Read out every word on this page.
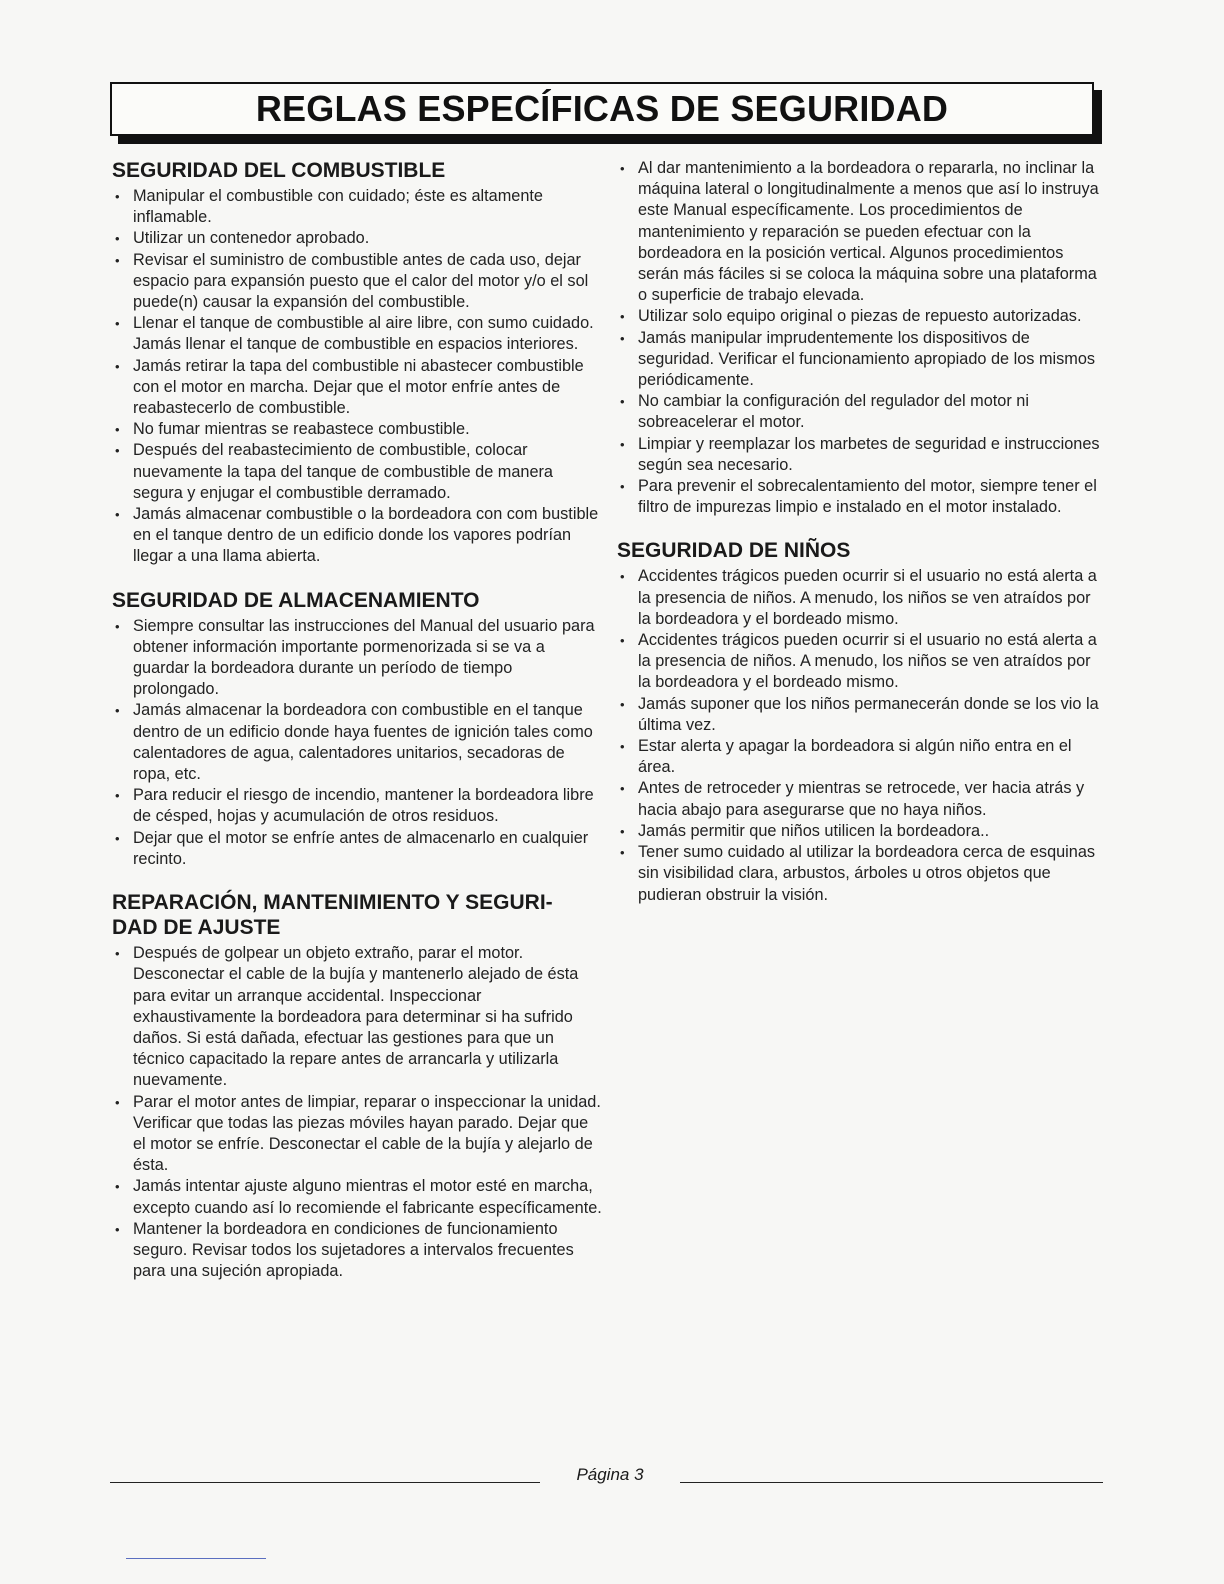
REGLAS ESPECÍFICAS DE SEGURIDAD
SEGURIDAD DEL COMBUSTIBLE
• Manipular el combustible con cuidado; éste es altamente inflamable.
• Utilizar un contenedor aprobado.
• Revisar el suministro de combustible antes de cada uso, dejar espacio para expansión puesto que el calor del motor y/o el sol puede(n) causar la expansión del combustible.
• Llenar el tanque de combustible al aire libre, con sumo cuidado. Jamás llenar el tanque de combustible en espacios interiores.
• Jamás retirar la tapa del combustible ni abastecer combustible con el motor en marcha. Dejar que el motor enfríe antes de reabastecerlo de combustible.
• No fumar mientras se reabastece combustible.
• Después del reabastecimiento de combustible, colocar nuevamente la tapa del tanque de combustible de manera segura y enjugar el combustible derramado.
• Jamás almacenar combustible o la bordeadora con com bustible en el tanque dentro de un edificio donde los vapores podrían llegar a una llama abierta.
SEGURIDAD DE ALMACENAMIENTO
• Siempre consultar las instrucciones del Manual del usuario para obtener información importante pormenorizada si se va a guardar la bordeadora durante un período de tiempo prolongado.
• Jamás almacenar la bordeadora con combustible en el tanque dentro de un edificio donde haya fuentes de ignición tales como calentadores de agua, calentadores unitarios, secadoras de ropa, etc.
• Para reducir el riesgo de incendio, mantener la bordeadora libre de césped, hojas y acumulación de otros residuos.
• Dejar que el motor se enfríe antes de almacenarlo en cualquier recinto.
REPARACIÓN, MANTENIMIENTO Y SEGURI- DAD DE AJUSTE
• Después de golpear un objeto extraño, parar el motor. Desconectar el cable de la bujía y mantenerlo alejado de ésta para evitar un arranque accidental. Inspeccionar exhaustivamente la bordeadora para determinar si ha sufrido daños. Si está dañada, efectuar las gestiones para que un técnico capacitado la repare antes de arrancarla y utilizarla nuevamente.
• Parar el motor antes de limpiar, reparar o inspeccionar la unidad. Verificar que todas las piezas móviles hayan parado. Dejar que el motor se enfríe. Desconectar el cable de la bujía y alejarlo de ésta.
• Jamás intentar ajuste alguno mientras el motor esté en marcha, excepto cuando así lo recomiende el fabricante específicamente.
• Mantener la bordeadora en condiciones de funcionamiento seguro. Revisar todos los sujetadores a intervalos frecuentes para una sujeción apropiada.
• Al dar mantenimiento a la bordeadora o repararla, no inclinar la máquina lateral o longitudinalmente a menos que así lo instruya este Manual específicamente. Los procedimientos de mantenimiento y reparación se pueden efectuar con la bordeadora en la posición vertical. Algunos procedimientos serán más fáciles si se coloca la máquina sobre una plataforma o superficie de trabajo elevada.
• Utilizar solo equipo original o piezas de repuesto autorizadas.
• Jamás manipular imprudentemente los dispositivos de seguridad. Verificar el funcionamiento apropiado de los mismos periódicamente.
• No cambiar la configuración del regulador del motor ni sobreacelerar el motor.
• Limpiar y reemplazar los marbetes de seguridad e instrucciones según sea necesario.
• Para prevenir el sobrecalentamiento del motor, siempre tener el filtro de impurezas limpio e instalado en el motor instalado.
SEGURIDAD DE NIÑOS
• Accidentes trágicos pueden ocurrir si el usuario no está alerta a la presencia de niños. A menudo, los niños se ven atraídos por la bordeadora y el bordeado mismo.
• Accidentes trágicos pueden ocurrir si el usuario no está alerta a la presencia de niños. A menudo, los niños se ven atraídos por la bordeadora y el bordeado mismo.
• Jamás suponer que los niños permanecerán donde se los vio la última vez.
• Estar alerta y apagar la bordeadora si algún niño entra en el área.
• Antes de retroceder y mientras se retrocede, ver hacia atrás y hacia abajo para asegurarse que no haya niños.
• Jamás permitir que niños utilicen la bordeadora..
• Tener sumo cuidado al utilizar la bordeadora cerca de esquinas sin visibilidad clara, arbustos, árboles u otros objetos que pudieran obstruir la visión.
Página 3
